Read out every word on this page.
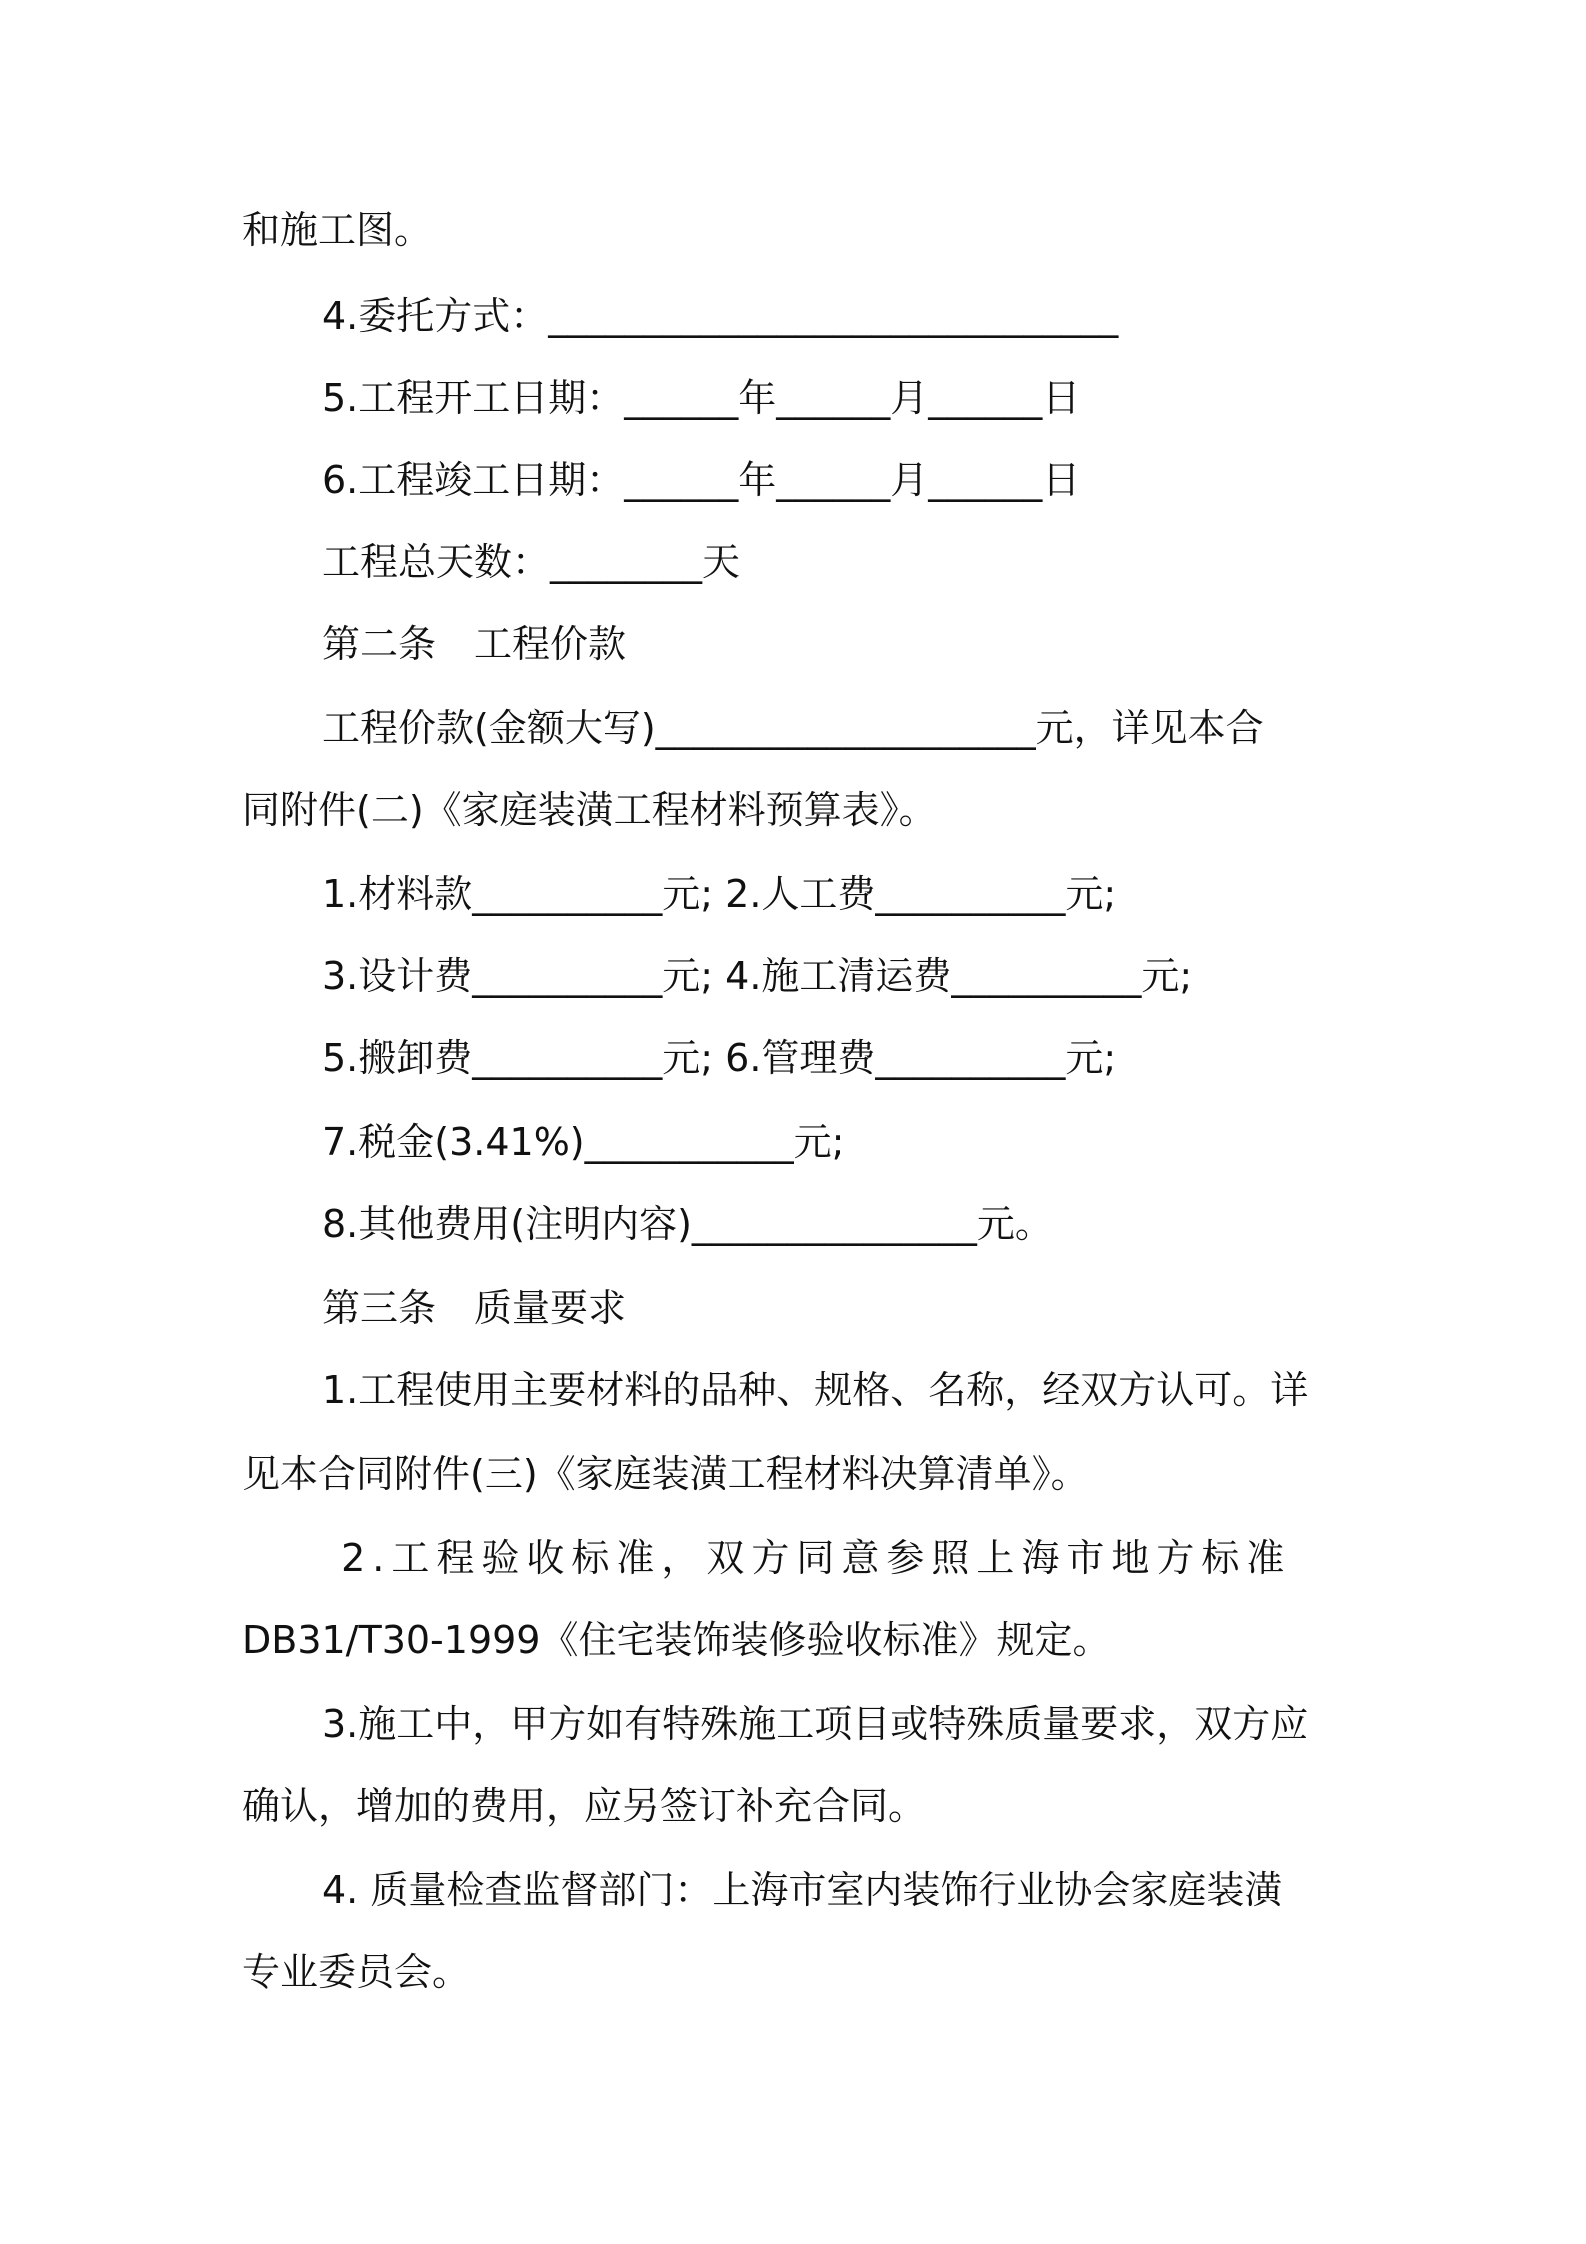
和施工图。
4.委托方式：______________________________
5.工程开工日期：______年______月______日
6.工程竣工日期：______年______月______日
工程总天数：________天
第二条　工程价款
工程价款(金额大写)____________________元，详见本合
同附件(二)《家庭装潢工程材料预算表》。
1.材料款__________元; 2.人工费__________元;
3.设计费__________元; 4.施工清运费__________元;
5.搬卸费__________元; 6.管理费__________元;
7.税金(3.41%)___________元;
8.其他费用(注明内容)_______________元。
第三条　质量要求
1.工程使用主要材料的品种、规格、名称，经双方认可。详
见本合同附件(三)《家庭装潢工程材料决算清单》。
2.工程验收标准，双方同意参照上海市地方标准
DB31/T30-1999《住宅装饰装修验收标准》规定。
3.施工中，甲方如有特殊施工项目或特殊质量要求，双方应
确认，增加的费用，应另签订补充合同。
4. 质量检查监督部门：上海市室内装饰行业协会家庭装潢
专业委员会。
